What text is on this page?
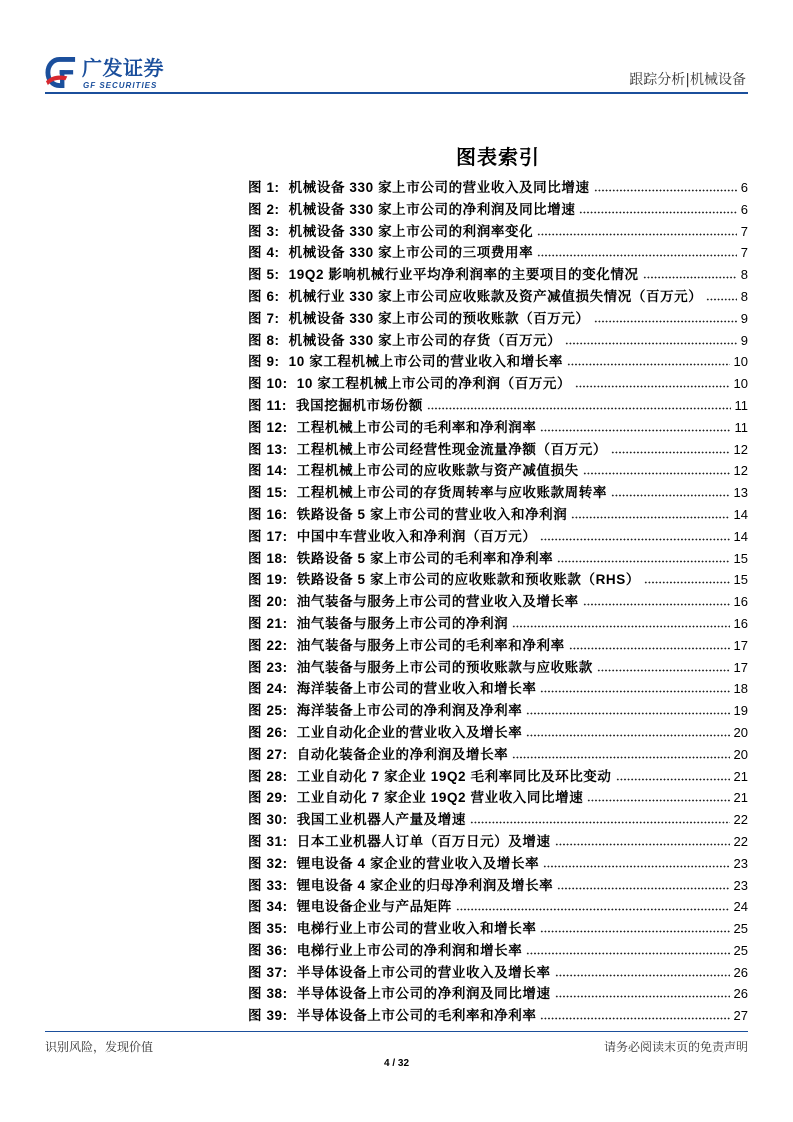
广发证券
GF SECURITIES	跟踪分析|机械设备
图表索引
图 1: 机械设备 330 家上市公司的营业收入及同比增速	6
图 2: 机械设备 330 家上市公司的净利润及同比增速	6
图 3: 机械设备 330 家上市公司的利润率变化	7
图 4: 机械设备 330 家上市公司的三项费用率	7
图 5: 19Q2 影响机械行业平均净利润率的主要项目的变化情况	8
图 6: 机械行业 330 家上市公司应收账款及资产减值损失情况（百万元）	8
图 7: 机械设备 330 家上市公司的预收账款（百万元）	9
图 8: 机械设备 330 家上市公司的存货（百万元）	9
图 9: 10 家工程机械上市公司的营业收入和增长率	10
图 10: 10 家工程机械上市公司的净利润（百万元）	10
图 11: 我国挖掘机市场份额	11
图 12: 工程机械上市公司的毛利率和净利润率	11
图 13: 工程机械上市公司经营性现金流量净额（百万元）	12
图 14: 工程机械上市公司的应收账款与资产减值损失	12
图 15: 工程机械上市公司的存货周转率与应收账款周转率	13
图 16: 铁路设备 5 家上市公司的营业收入和净利润	14
图 17: 中国中车营业收入和净利润（百万元）	14
图 18: 铁路设备 5 家上市公司的毛利率和净利率	15
图 19: 铁路设备 5 家上市公司的应收账款和预收账款（RHS）	15
图 20: 油气装备与服务上市公司的营业收入及增长率	16
图 21: 油气装备与服务上市公司的净利润	16
图 22: 油气装备与服务上市公司的毛利率和净利率	17
图 23: 油气装备与服务上市公司的预收账款与应收账款	17
图 24: 海洋装备上市公司的营业收入和增长率	18
图 25: 海洋装备上市公司的净利润及净利率	19
图 26: 工业自动化企业的营业收入及增长率	20
图 27: 自动化装备企业的净利润及增长率	20
图 28: 工业自动化 7 家企业 19Q2 毛利率同比及环比变动	21
图 29: 工业自动化 7 家企业 19Q2 营业收入同比增速	21
图 30: 我国工业机器人产量及增速	22
图 31: 日本工业机器人订单（百万日元）及增速	22
图 32: 锂电设备 4 家企业的营业收入及增长率	23
图 33: 锂电设备 4 家企业的归母净利润及增长率	23
图 34: 锂电设备企业与产品矩阵	24
图 35: 电梯行业上市公司的营业收入和增长率	25
图 36: 电梯行业上市公司的净利润和增长率	25
图 37: 半导体设备上市公司的营业收入及增长率	26
图 38: 半导体设备上市公司的净利润及同比增速	26
图 39: 半导体设备上市公司的毛利率和净利率	27
识别风险，发现价值	请务必阅读末页的免责声明
4 / 32
